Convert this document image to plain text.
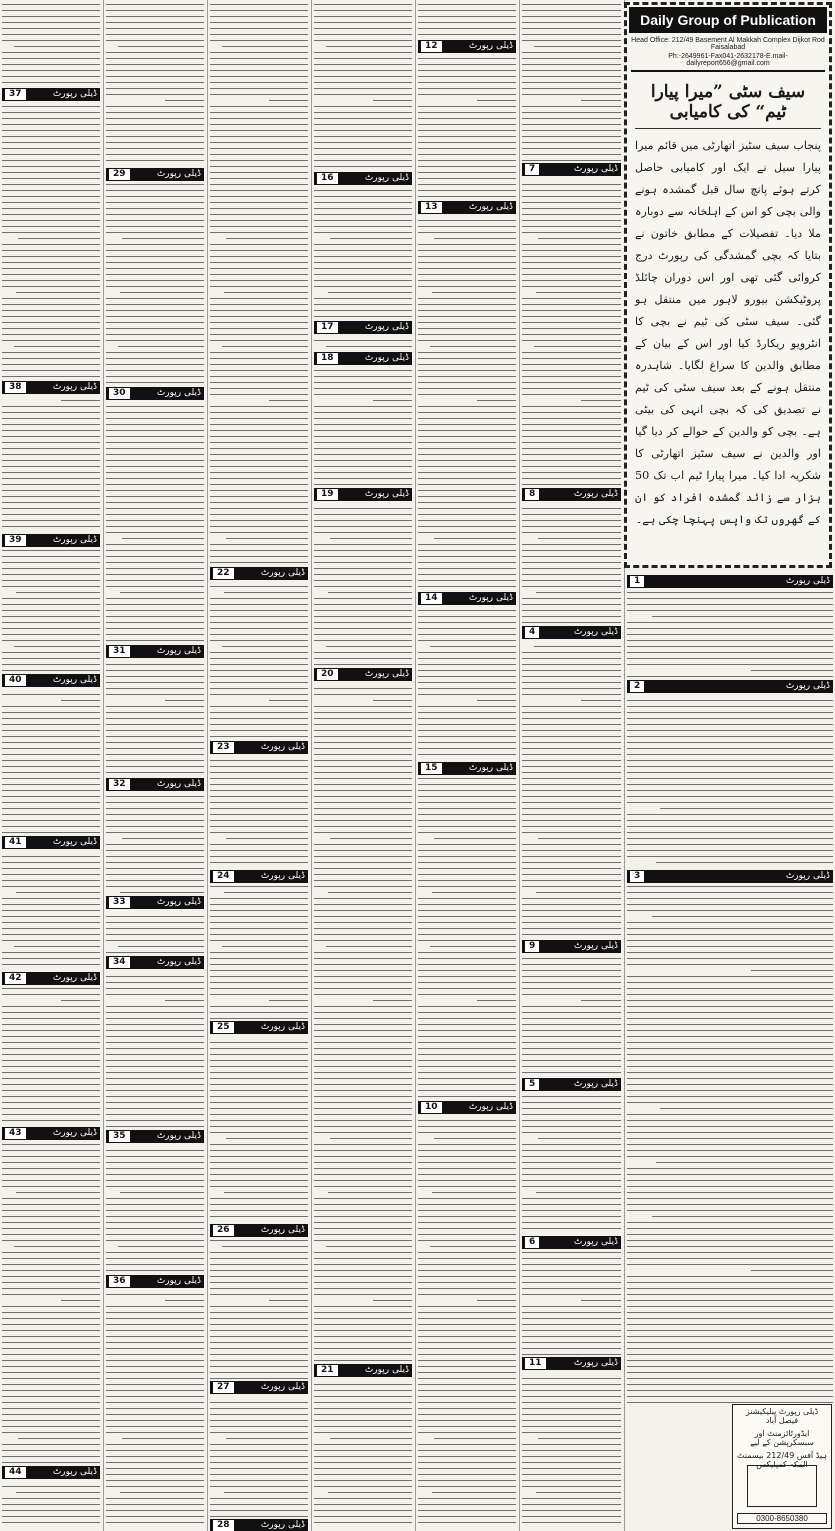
37	ڈیلی رپورٹ
38	ڈیلی رپورٹ
39	ڈیلی رپورٹ
40	ڈیلی رپورٹ
41	ڈیلی رپورٹ
42	ڈیلی رپورٹ
43	ڈیلی رپورٹ
44	ڈیلی رپورٹ
29	ڈیلی رپورٹ
30	ڈیلی رپورٹ
31	ڈیلی رپورٹ
32	ڈیلی رپورٹ
33	ڈیلی رپورٹ
34	ڈیلی رپورٹ
35	ڈیلی رپورٹ
36	ڈیلی رپورٹ
22	ڈیلی رپورٹ
23	ڈیلی رپورٹ
24	ڈیلی رپورٹ
25	ڈیلی رپورٹ
26	ڈیلی رپورٹ
27	ڈیلی رپورٹ
28	ڈیلی رپورٹ
16	ڈیلی رپورٹ
17	ڈیلی رپورٹ
18	ڈیلی رپورٹ
19	ڈیلی رپورٹ
20	ڈیلی رپورٹ
21	ڈیلی رپورٹ
12	ڈیلی رپورٹ
13	ڈیلی رپورٹ
14	ڈیلی رپورٹ
15	ڈیلی رپورٹ
10	ڈیلی رپورٹ
7	ڈیلی رپورٹ
8	ڈیلی رپورٹ
4	ڈیلی رپورٹ
9	ڈیلی رپورٹ
5	ڈیلی رپورٹ
11	ڈیلی رپورٹ
6	ڈیلی رپورٹ
1	ڈیلی رپورٹ
2	ڈیلی رپورٹ
3	ڈیلی رپورٹ
Daily Group of Publication
Head Office: 212/49 Basement Al Makkah Complex Dijkot Rod Faisalabad
Ph:-2649961-Fax041-2632178-E.mail-dailyreport656@gmail.com
سیف سٹی ”میرا پیارا ٹیم“ کی کامیابی
پنجاب سیف سٹیز اتھارٹی میں قائم میرا پیارا سیل نے ایک اور کامیابی حاصل کرتے ہوئے پانچ سال قبل گمشدہ ہونے والی بچی کو اس کے اہلخانہ سے دوبارہ ملا دیا۔ تفصیلات کے مطابق خاتون نے بتایا کہ بچی گمشدگی کی رپورٹ درج کروائی گئی تھی اور اس دوران چائلڈ پروٹیکشن بیورو لاہور میں منتقل ہو گئی۔ سیف سٹی کی ٹیم نے بچی کا انٹرویو ریکارڈ کیا اور اس کے بیان کے مطابق والدین کا سراغ لگایا۔ شاہدرہ منتقل ہونے کے بعد سیف سٹی کی ٹیم نے تصدیق کی کہ بچی انہی کی بیٹی ہے۔ بچی کو والدین کے حوالے کر دیا گیا اور والدین نے سیف سٹیز اتھارٹی کا شکریہ ادا کیا۔ میرا پیارا ٹیم اب تک 50 ہزار سے زائد گمشدہ افراد کو ان کے گھروں تک واپس پہنچا چکی ہے۔
ڈیلی رپورٹ پبلیکیشنز فیصل آباد
ایڈورٹائزمنٹ اور سبسکرپشن کے لیے
ہیڈ آفس 212/49 بیسمنٹ المکہ کمپلیکس
0300-8650380
